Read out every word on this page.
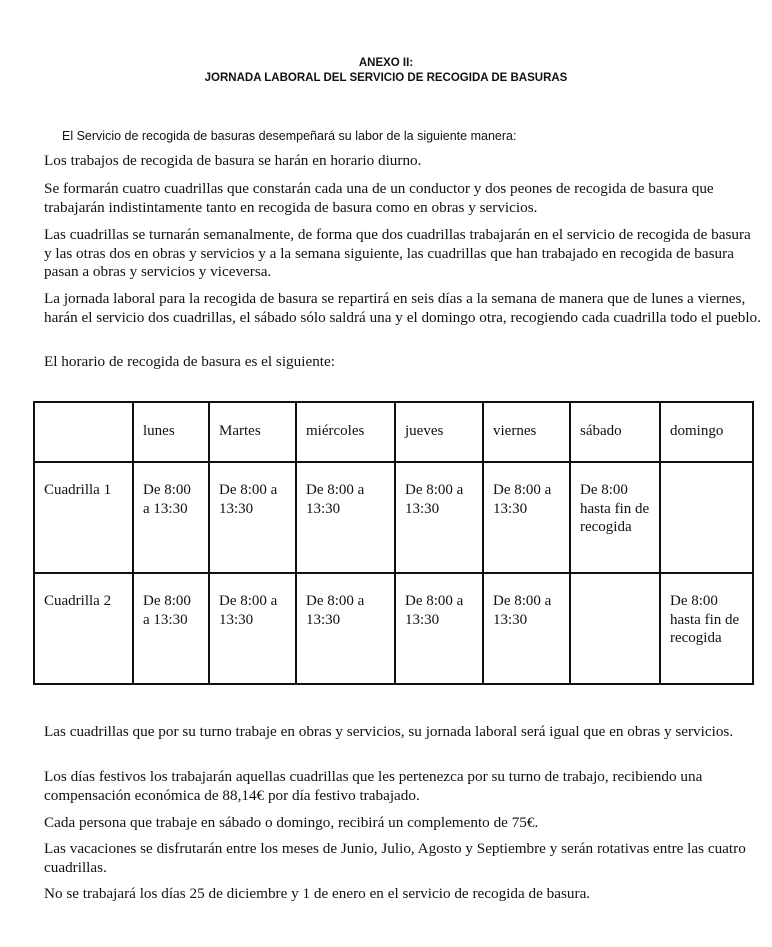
ANEXO II:
JORNADA LABORAL DEL SERVICIO DE RECOGIDA DE BASURAS
El Servicio de recogida de basuras desempeñará su labor de la siguiente manera:

Los trabajos de recogida de basura se harán en horario diurno.

Se formarán cuatro cuadrillas que constarán cada una de un conductor y dos peones de recogida de basura que trabajarán indistintamente tanto en recogida de basura como en obras y servicios.

Las cuadrillas se turnarán semanalmente, de forma que dos cuadrillas trabajarán en el servicio de recogida de basura y las otras dos en obras y servicios y a la semana siguiente, las cuadrillas que han trabajado en recogida de basura pasan a obras y servicios y viceversa.

La jornada laboral para la recogida de basura se repartirá en seis días a la semana de manera que de lunes a viernes, harán el servicio dos cuadrillas, el sábado sólo saldrá una y el domingo otra, recogiendo cada cuadrilla todo el pueblo.

El horario de recogida de basura es el siguiente:

	lunes	Martes	miércoles	jueves	viernes	sábado	domingo
Cuadrilla 1	De 8:00 a 13:30	De 8:00 a 13:30	De 8:00 a 13:30	De 8:00 a 13:30	De 8:00 a 13:30	De 8:00 hasta fin de recogida	
Cuadrilla 2	De 8:00 a 13:30	De 8:00 a 13:30	De 8:00 a 13:30	De 8:00 a 13:30	De 8:00 a 13:30		De 8:00 hasta fin de recogida

Las cuadrillas que por su turno trabaje en obras y servicios, su jornada laboral será igual que en obras y servicios.

Los días festivos los trabajarán aquellas cuadrillas que les pertenezca por su turno de trabajo, recibiendo una compensación económica de 88,14€ por día festivo trabajado.

Cada persona que trabaje en sábado o domingo, recibirá un complemento de 75€.

Las vacaciones se disfrutarán entre los meses de Junio, Julio, Agosto y Septiembre y serán rotativas entre las cuatro cuadrillas.

No se trabajará los días 25 de diciembre y 1 de enero en el servicio de recogida de basura.
